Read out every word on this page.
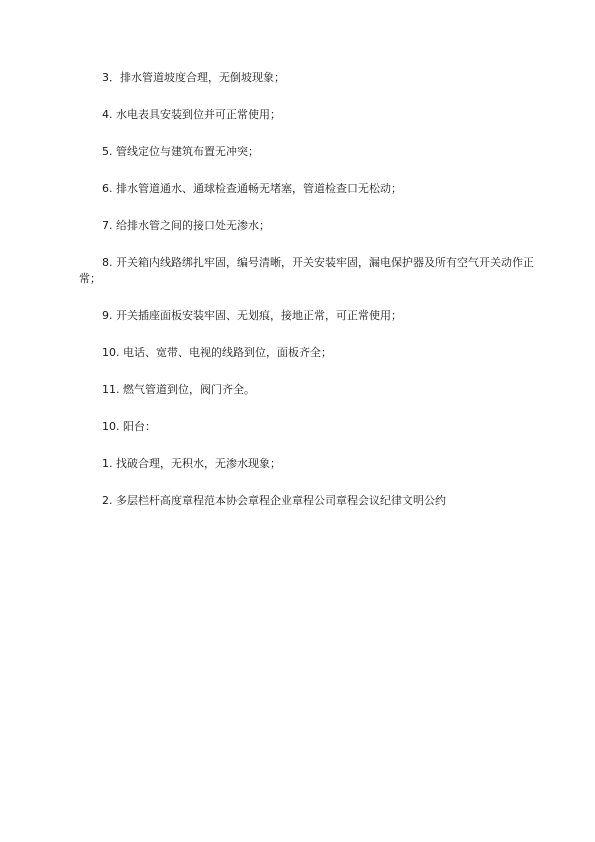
3．排水管道坡度合理，无倒坡现象；

4. 水电表具安装到位并可正常使用；

5. 管线定位与建筑布置无冲突；

6. 排水管道通水、通球检查通畅无堵塞，管道检查口无松动；

7. 给排水管之间的接口处无渗水；

8. 开关箱内线路绑扎牢固，编号清晰，开关安装牢固，漏电保护器及所有空气开关动作正常；

9. 开关插座面板安装牢固、无划痕，接地正常，可正常使用；

10. 电话、宽带、电视的线路到位，面板齐全；

11. 燃气管道到位，阀门齐全。

10. 阳台：

1. 找破合理，无积水，无渗水现象；

2. 多层栏杆高度章程范本协会章程企业章程公司章程会议纪律文明公约
